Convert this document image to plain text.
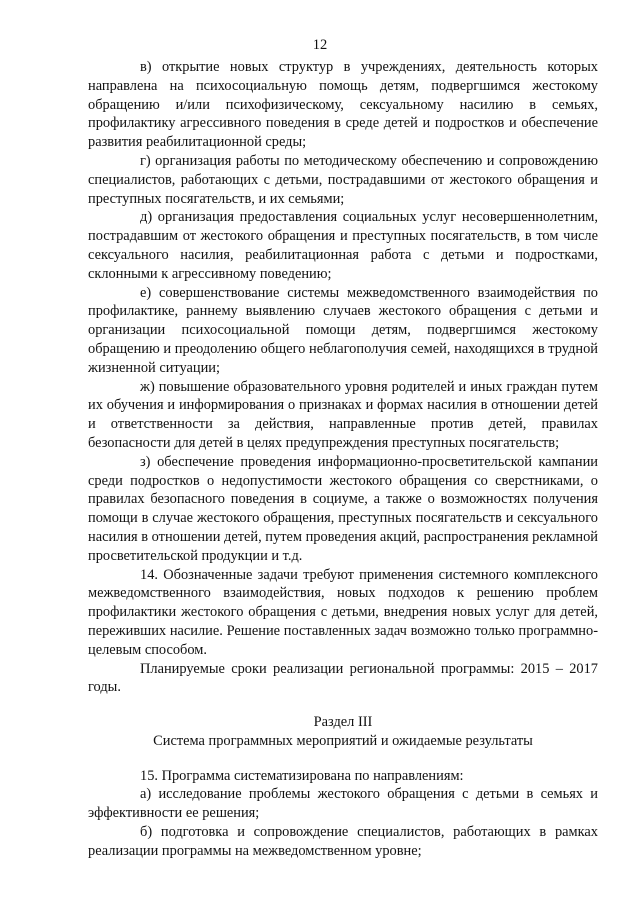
12

в) открытие новых структур в учреждениях, деятельность которых направлена на психосоциальную помощь детям, подвергшимся жестокому обращению и/или психофизическому, сексуальному насилию в семьях, профилактику агрессивного поведения в среде детей и подростков и обеспечение развития реабилитационной среды;

г) организация работы по методическому обеспечению и сопровождению специалистов, работающих с детьми, пострадавшими от жестокого обращения и преступных посягательств, и их семьями;

д) организация предоставления социальных услуг несовершеннолетним, пострадавшим от жестокого обращения и преступных посягательств, в том числе сексуального насилия, реабилитационная работа с детьми и подростками, склонными к агрессивному поведению;

е) совершенствование системы межведомственного взаимодействия по профилактике, раннему выявлению случаев жестокого обращения с детьми и организации психосоциальной помощи детям, подвергшимся жестокому обращению и преодолению общего неблагополучия семей, находящихся в трудной жизненной ситуации;

ж) повышение образовательного уровня родителей и иных граждан путем их обучения и информирования о признаках и формах насилия в отношении детей и ответственности за действия, направленные против детей, правилах безопасности для детей в целях предупреждения преступных посягательств;

з) обеспечение проведения информационно-просветительской кампании среди подростков о недопустимости жестокого обращения со сверстниками, о правилах безопасного поведения в социуме, а также о возможностях получения помощи в случае жестокого обращения, преступных посягательств и сексуального насилия в отношении детей, путем проведения акций, распространения рекламной просветительской продукции и т.д.

14. Обозначенные задачи требуют применения системного комплексного межведомственного взаимодействия, новых подходов к решению проблем профилактики жестокого обращения с детьми, внедрения новых услуг для детей, переживших насилие. Решение поставленных задач возможно только программно-целевым способом.

Планируемые сроки реализации региональной программы: 2015 – 2017 годы.

Раздел III

Система программных мероприятий и ожидаемые результаты

15. Программа систематизирована по направлениям:

а) исследование проблемы жестокого обращения с детьми в семьях и эффективности ее решения;

б) подготовка и сопровождение специалистов, работающих в рамках реализации программы на межведомственном уровне;
